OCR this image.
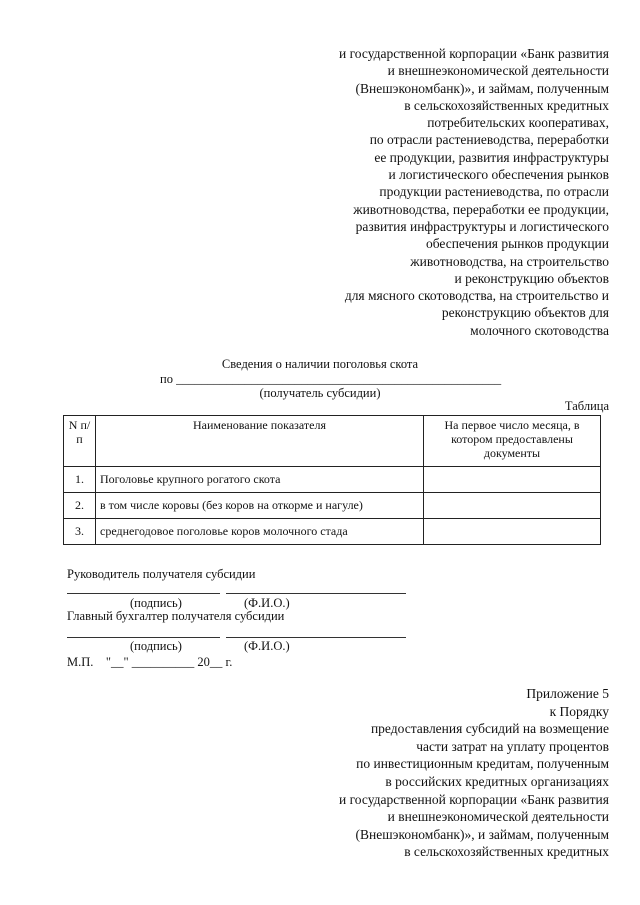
и государственной корпорации «Банк развития
и внешнеэкономической деятельности
(Внешэкономбанк)», и займам, полученным
в сельскохозяйственных кредитных
потребительских кооперативах,
по отрасли растениеводства, переработки
ее продукции, развития инфраструктуры
и логистического обеспечения рынков
продукции растениеводства, по отрасли
животноводства, переработки ее продукции,
развития инфраструктуры и логистического
обеспечения рынков продукции
животноводства, на строительство
и реконструкцию объектов
для мясного скотоводства, на строительство и
реконструкцию объектов для
молочного скотоводства
Сведения о наличии поголовья скота
по ____________________________________________________
(получатель субсидии)
Таблица
N п/п	Наименование показателя	На первое число месяца, в котором предоставлены документы
1.	Поголовье крупного рогатого скота	
2.	в том числе коровы (без коров на откорме и нагуле)	
3.	среднегодовое поголовье коров молочного стада	
Руководитель получателя субсидии
(подпись)	(Ф.И.О.)
Главный бухгалтер получателя субсидии
(подпись)	(Ф.И.О.)
М.П.    "__" __________ 20__ г.
Приложение 5
к Порядку
предоставления субсидий на возмещение
части затрат на уплату процентов
по инвестиционным кредитам, полученным
в российских кредитных организациях
и государственной корпорации «Банк развития
и внешнеэкономической деятельности
(Внешэкономбанк)», и займам, полученным
в сельскохозяйственных кредитных
